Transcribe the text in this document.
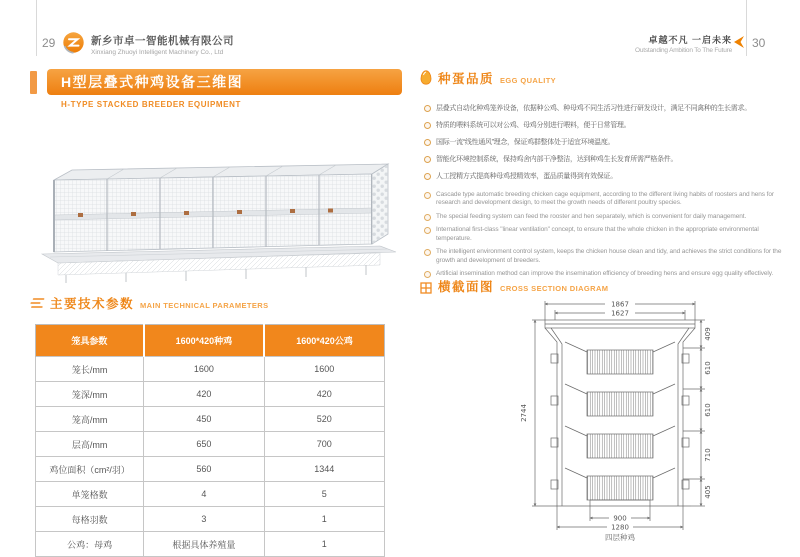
29	新乡市卓一智能机械有限公司
Xinxiang Zhuoyi Intelligent Machinery Co., Ltd
卓越不凡 一启未来
Outstanding Ambition To The Future
30
H型层叠式种鸡设备三维图
H-TYPE STACKED BREEDER EQUIPMENT
主要技术参数 MAIN TECHNICAL PARAMETERS
笼具参数	1600*420种鸡	1600*420公鸡
笼长/mm	1600	1600
笼深/mm	420	420
笼高/mm	450	520
层高/mm	650	700
鸡位面积（cm²/羽）	560	1344
单笼格数	4	5
每格羽数	3	1
公鸡：母鸡	根据具体养殖量	1
种蛋品质 EGG QUALITY
层叠式自动化种鸡笼养设备，依据种公鸡、种母鸡不同生活习性进行研发设计，满足不同禽种的生长需求。
特质的喂料系统可以对公鸡、母鸡分别进行喂料，便于日常管理。
国际一流“线性通风”理念，保证鸡群整体处于适宜环境温度。
智能化环境控制系统，保持鸡舍内部干净整洁，达到种鸡生长发育所需严格条件。
人工授精方式提高种母鸡授精效率，蛋品质量得到有效保证。
Cascade type automatic breeding chicken cage equipment, according to the different living habits of roosters and hens for research and development design, to meet the growth needs of different poultry species.
The special feeding system can feed the rooster and hen separately, which is convenient for daily management.
International first-class "linear ventilation" concept, to ensure that the whole chicken in the appropriate environmental temperature.
The intelligent environment control system, keeps the chicken house clean and tidy, and achieves the strict conditions for the growth and development of breeders.
Artificial insemination method can improve the insemination efficiency of breeding hens and ensure egg quality effectively.
横截面图 CROSS SECTION DIAGRAM
1867
1627
2744
409
610
610
710
405
900
1280
四层种鸡
